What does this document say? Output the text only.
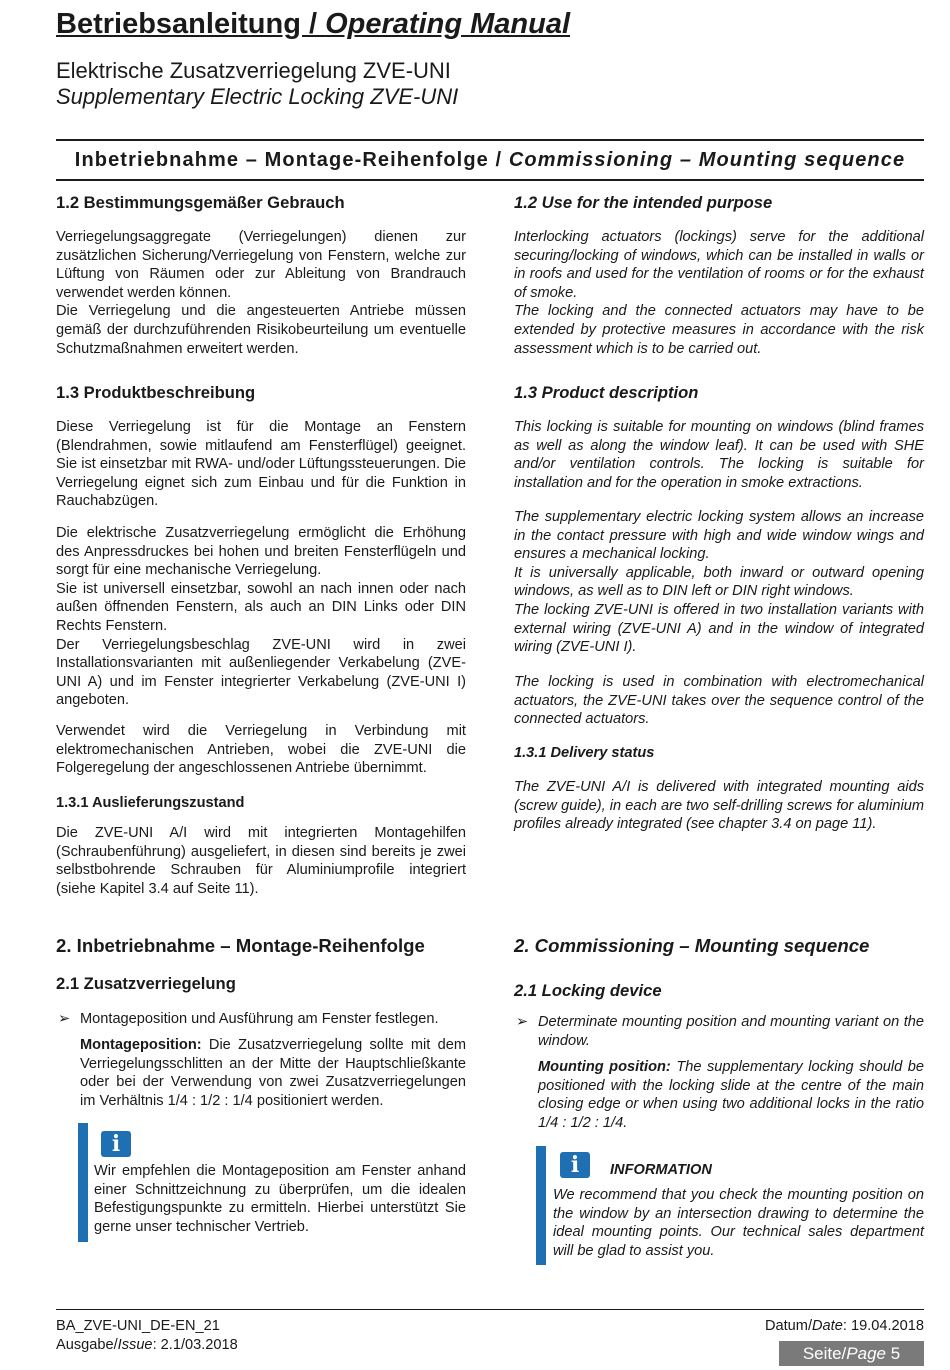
Betriebsanleitung / Operating Manual
Elektrische Zusatzverriegelung ZVE-UNI
Supplementary Electric Locking ZVE-UNI
Inbetriebnahme – Montage-Reihenfolge / Commissioning – Mounting sequence
1.2 Bestimmungsgemäßer Gebrauch

Verriegelungsaggregate (Verriegelungen) dienen zur zusätzlichen Sicherung/Verriegelung von Fenstern, welche zur Lüftung von Räumen oder zur Ableitung von Brandrauch verwendet werden können.

Die Verriegelung und die angesteuerten Antriebe müssen gemäß der durchzuführenden Risikobeurteilung um eventuelle Schutzmaßnahmen erweitert werden.

1.3 Produktbeschreibung

Diese Verriegelung ist für die Montage an Fenstern (Blendrahmen, sowie mitlaufend am Fensterflügel) geeignet. Sie ist einsetzbar mit RWA- und/oder Lüftungssteuerungen. Die Verriegelung eignet sich zum Einbau und für die Funktion in Rauchabzügen.

Die elektrische Zusatzverriegelung ermöglicht die Erhöhung des Anpressdruckes bei hohen und breiten Fensterflügeln und sorgt für eine mechanische Verriegelung.

Sie ist universell einsetzbar, sowohl an nach innen oder nach außen öffnenden Fenstern, als auch an DIN Links oder DIN Rechts Fenstern.

Der Verriegelungsbeschlag ZVE-UNI wird in zwei Installationsvarianten mit außenliegender Verkabelung (ZVE-UNI A) und im Fenster integrierter Verkabelung (ZVE-UNI I) angeboten.

Verwendet wird die Verriegelung in Verbindung mit elektromechanischen Antrieben, wobei die ZVE-UNI die Folgeregelung der angeschlossenen Antriebe übernimmt.

1.3.1 Auslieferungszustand

Die ZVE-UNI A/I wird mit integrierten Montagehilfen (Schraubenführung) ausgeliefert, in diesen sind bereits je zwei selbstbohrende Schrauben für Aluminiumprofile integriert (siehe Kapitel 3.4 auf Seite 11).

2. Inbetriebnahme – Montage-Reihenfolge
2.1 Zusatzverriegelung
➢ Montageposition und Ausführung am Fenster festlegen.

Montageposition: Die Zusatzverriegelung sollte mit dem Verriegelungsschlitten an der Mitte der Hauptschließkante oder bei der Verwendung von zwei Zusatzverriegelungen im Verhältnis 1/4 : 1/2 : 1/4 positioniert werden.

i
Wir empfehlen die Montageposition am Fenster anhand einer Schnittzeichnung zu überprüfen, um die idealen Befestigungspunkte zu ermitteln. Hierbei unterstützt Sie gerne unser technischer Vertrieb.
1.2 Use for the intended purpose

Interlocking actuators (lockings) serve for the additional securing/locking of windows, which can be installed in walls or in roofs and used for the ventilation of rooms or for the exhaust of smoke.

The locking and the connected actuators may have to be extended by protective measures in accordance with the risk assessment which is to be carried out.

1.3 Product description

This locking is suitable for mounting on windows (blind frames as well as along the window leaf). It can be used with SHE and/or ventilation controls. The locking is suitable for installation and for the operation in smoke extractions.

The supplementary electric locking system allows an increase in the contact pressure with high and wide window wings and ensures a mechanical locking.

It is universally applicable, both inward or outward opening windows, as well as to DIN left or DIN right windows.

The locking ZVE-UNI is offered in two installation variants with external wiring (ZVE-UNI A) and in the window of integrated wiring (ZVE-UNI I).

The locking is used in combination with electromechanical actuators, the ZVE-UNI takes over the sequence control of the connected actuators.

1.3.1 Delivery status

The ZVE-UNI A/I is delivered with integrated mounting aids (screw guide), in each are two self-drilling screws for aluminium profiles already integrated (see chapter 3.4 on page 11).

2. Commissioning – Mounting sequence
2.1 Locking device
➢ Determinate mounting position and mounting variant on the window.

Mounting position: The supplementary locking should be positioned with the locking slide at the centre of the main closing edge or when using two additional locks in the ratio 1/4 : 1/2 : 1/4.

i	INFORMATION
We recommend that you check the mounting position on the window by an intersection drawing to determine the ideal mounting points. Our technical sales department will be glad to assist you.
BA_ZVE-UNI_DE-EN_21
Ausgabe/Issue: 2.1/03.2018
Datum/Date: 19.04.2018
Seite/Page 5
